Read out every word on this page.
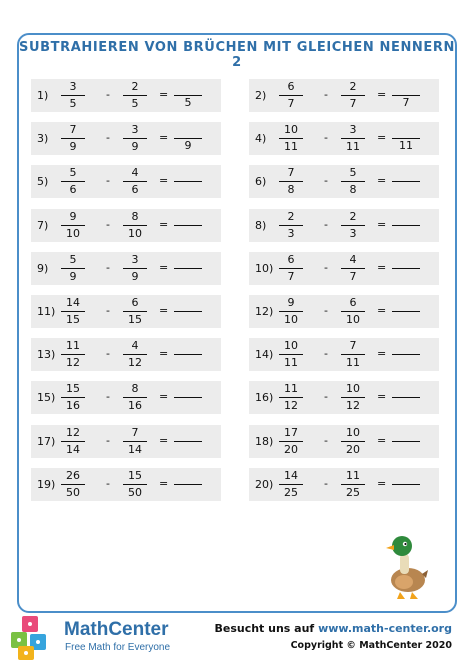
SUBTRAHIEREN VON BRÜCHEN MIT GLEICHEN NENNERN 2
$1) \frac{3}{5} - \frac{2}{5}$ =
5
$2) \frac{6}{7} - \frac{2}{7}$ =
7
$3) \frac{7}{9} - \frac{3}{9}$ =
9
$4) \frac{10}{11} - \frac{3}{11}$ =
11
$5) \frac{5}{6} - \frac{4}{6}$ =	$6) \frac{7}{8} - \frac{5}{8}$ =
$7) \frac{9}{10} - \frac{8}{10}$ =	$8) \frac{2}{3} - \frac{2}{3}$ =
$9) \frac{5}{9} - \frac{3}{9}$ =	$10) \frac{6}{7} - \frac{4}{7}$ =
$11) \frac{14}{15} - \frac{6}{15}$ =	$12) \frac{9}{10} - \frac{6}{10}$ =
$13) \frac{11}{12} - \frac{4}{12}$ =	$14) \frac{10}{11} - \frac{7}{11}$ =
$15) \frac{15}{16} - \frac{8}{16}$ =	$16) \frac{11}{12} - \frac{10}{12}$ =
$17) \frac{12}{14} - \frac{7}{14}$ =	$18) \frac{17}{20} - \frac{10}{20}$ =
$19) \frac{26}{50} - \frac{15}{50}$ =	$20) \frac{14}{25} - \frac{11}{25}$ =
MathCenter
Free Math for Everyone
Besucht uns auf www.math-center.org
Copyright © MathCenter 2020
